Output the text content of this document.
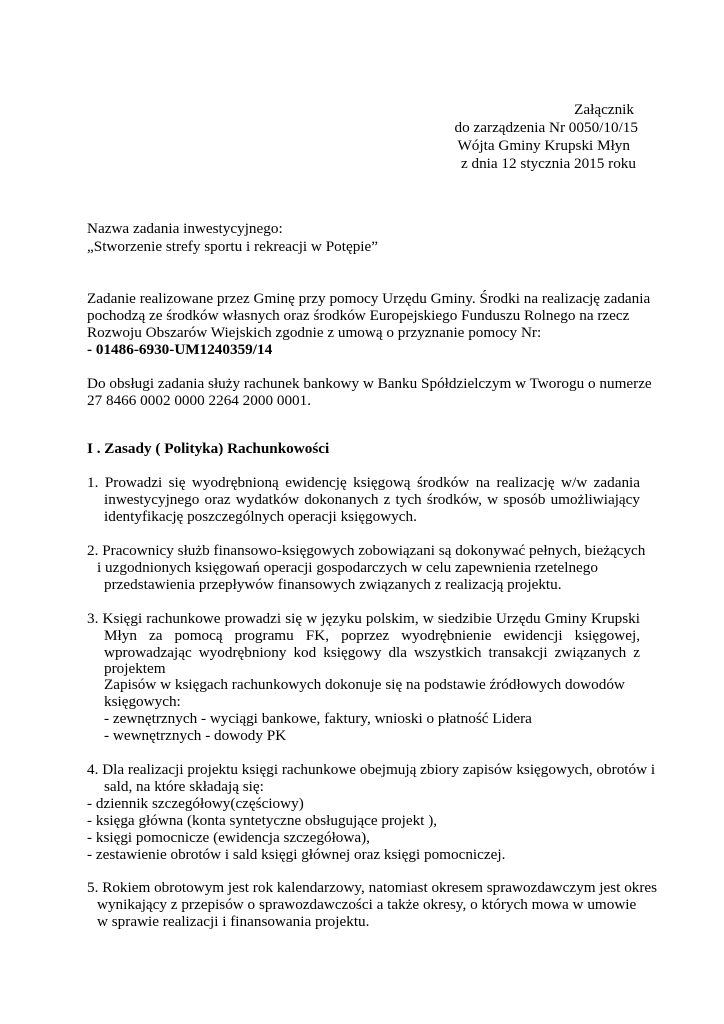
Załącznik
do zarządzenia Nr 0050/10/15
Wójta Gminy Krupski Młyn
z dnia 12 stycznia 2015 roku
Nazwa zadania inwestycyjnego:
„Stworzenie strefy sportu i rekreacji w Potępie”
Zadanie realizowane przez Gminę przy pomocy Urzędu Gminy. Środki na realizację zadania
pochodzą ze środków własnych oraz środków Europejskiego Funduszu Rolnego na rzecz
Rozwoju Obszarów Wiejskich zgodnie z umową o przyznanie pomocy Nr:
- 01486-6930-UM1240359/14
Do obsługi zadania służy rachunek bankowy w Banku Spółdzielczym w Tworogu o numerze
27 8466 0002 0000 2264 2000 0001.
I . Zasady ( Polityka) Rachunkowości
1. Prowadzi się wyodrębnioną ewidencję księgową środków na realizację w/w zadania
inwestycyjnego oraz wydatków dokonanych z tych środków, w sposób umożliwiający
identyfikację poszczególnych operacji księgowych.
2. Pracownicy służb finansowo-księgowych zobowiązani są dokonywać pełnych, bieżących
i uzgodnionych księgowań operacji gospodarczych w celu zapewnienia rzetelnego
przedstawienia przepływów finansowych związanych z realizacją projektu.
3. Księgi rachunkowe prowadzi się w języku polskim, w siedzibie Urzędu Gminy Krupski
Młyn za pomocą programu FK, poprzez wyodrębnienie ewidencji księgowej,
wprowadzając wyodrębniony kod księgowy dla wszystkich transakcji związanych z
projektem
Zapisów w księgach rachunkowych dokonuje się na podstawie źródłowych dowodów
księgowych:
- zewnętrznych - wyciągi bankowe, faktury, wnioski o płatność Lidera
- wewnętrznych - dowody PK
4. Dla realizacji projektu księgi rachunkowe obejmują zbiory zapisów księgowych, obrotów i
sald, na które składają się:
- dziennik szczegółowy(częściowy)
- księga główna (konta syntetyczne obsługujące projekt ),
- księgi pomocnicze (ewidencja szczegółowa),
- zestawienie obrotów i sald księgi głównej oraz księgi pomocniczej.
5. Rokiem obrotowym jest rok kalendarzowy, natomiast okresem sprawozdawczym jest okres
wynikający z przepisów o sprawozdawczości a także okresy, o których mowa w umowie
w sprawie realizacji i finansowania projektu.
